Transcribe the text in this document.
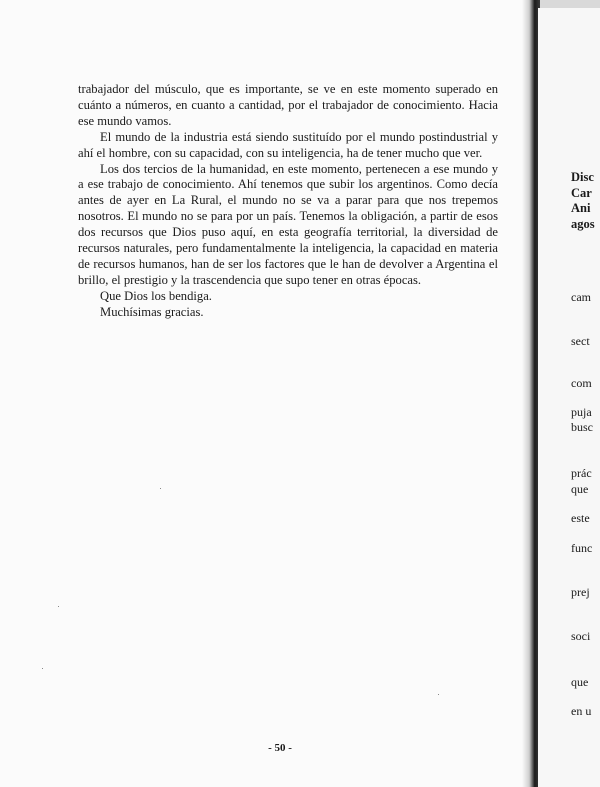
trabajador del músculo, que es importante, se ve en este momento superado en cuánto a números, en cuanto a cantidad, por el trabajador de conocimiento. Hacia ese mundo vamos.

El mundo de la industria está siendo sustituído por el mundo postindustrial y ahí el hombre, con su capacidad, con su inteligencia, ha de tener mucho que ver.

Los dos tercios de la humanidad, en este momento, pertenecen a ese mundo y a ese trabajo de conocimiento. Ahí tenemos que subir los argentinos. Como decía antes de ayer en La Rural, el mundo no se va a parar para que nos trepemos nosotros. El mundo no se para por un país. Tenemos la obligación, a partir de esos dos recursos que Dios puso aquí, en esta geografía territorial, la diversidad de recursos naturales, pero fundamentalmente la inteligencia, la capacidad en materia de recursos humanos, han de ser los factores que le han de devolver a Argentina el brillo, el prestigio y la trascendencia que supo tener en otras épocas.

Que Dios los bendiga.

Muchísimas gracias.

- 50 -
Disc
Car
Ani
agos
cam
sect
com
puja
busc
prác
que
este
func
prej
soci
que
en u
